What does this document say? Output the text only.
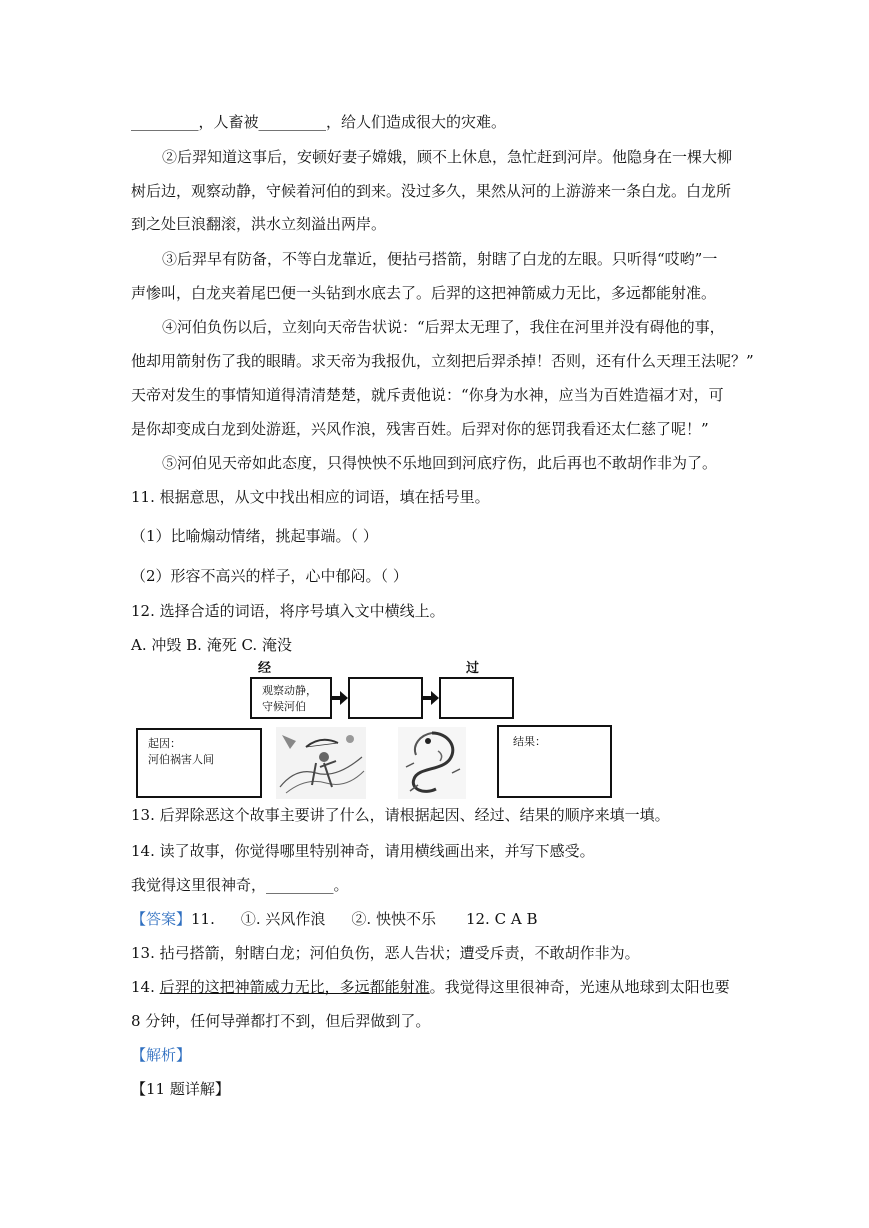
_________，人畜被_________，给人们造成很大的灾难。
②后羿知道这事后，安顿好妻子嫦娥，顾不上休息，急忙赶到河岸。他隐身在一棵大柳
树后边，观察动静，守候着河伯的到来。没过多久，果然从河的上游游来一条白龙。白龙所
到之处巨浪翻滚，洪水立刻溢出两岸。
③后羿早有防备，不等白龙靠近，便拈弓搭箭，射瞎了白龙的左眼。只听得“哎哟”一
声惨叫，白龙夹着尾巴便一头钻到水底去了。后羿的这把神箭威力无比，多远都能射准。
④河伯负伤以后，立刻向天帝告状说：“后羿太无理了，我住在河里并没有碍他的事，
他却用箭射伤了我的眼睛。求天帝为我报仇，立刻把后羿杀掉！否则，还有什么天理王法呢？”
天帝对发生的事情知道得清清楚楚，就斥责他说：“你身为水神，应当为百姓造福才对，可
是你却变成白龙到处游逛，兴风作浪，残害百姓。后羿对你的惩罚我看还太仁慈了呢！”
⑤河伯见天帝如此态度，只得怏怏不乐地回到河底疗伤，此后再也不敢胡作非为了。
11. 根据意思，从文中找出相应的词语，填在括号里。
（1）比喻煽动情绪，挑起事端。（ ）
（2）形容不高兴的样子，心中郁闷。（ ）
12. 选择合适的词语，将序号填入文中横线上。
A. 冲毁 B. 淹死 C. 淹没
经	过
观察动静，
守候河伯
起因：
河伯祸害人间
结果：
13. 后羿除恶这个故事主要讲了什么，请根据起因、经过、结果的顺序来填一填。
14. 读了故事，你觉得哪里特别神奇，请用横线画出来，并写下感受。
我觉得这里很神奇，_________。
【答案】11. ①. 兴风作浪 ②. 怏怏不乐 12. C A B
13. 拈弓搭箭，射瞎白龙；河伯负伤，恶人告状；遭受斥责，不敢胡作非为。
14. 后羿的这把神箭威力无比，多远都能射准。我觉得这里很神奇，光速从地球到太阳也要
8 分钟，任何导弹都打不到，但后羿做到了。
【解析】
【11 题详解】
